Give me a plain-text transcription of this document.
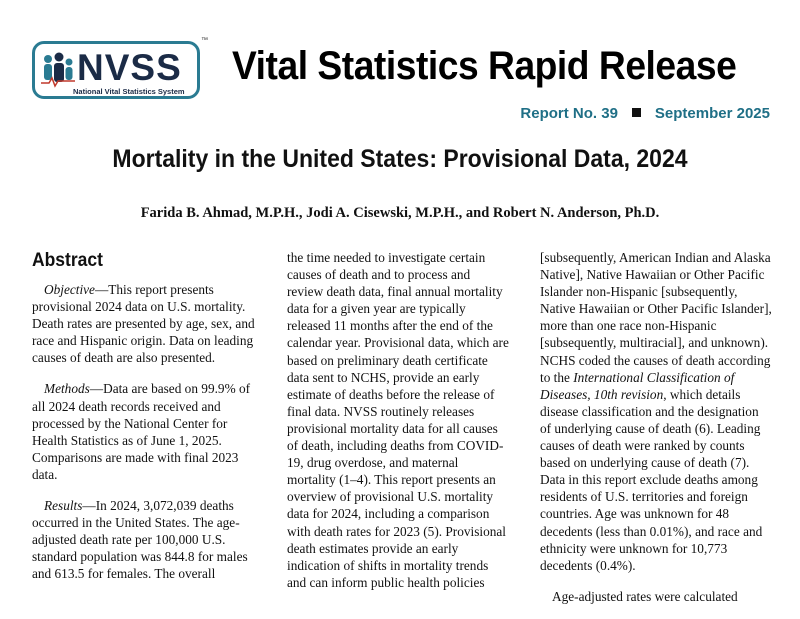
NVSS
National Vital Statistics System
™
Vital Statistics Rapid Release
Report No. 39 September 2025
Mortality in the United States: Provisional Data, 2024
Farida B. Ahmad, M.P.H., Jodi A. Cisewski, M.P.H., and Robert N. Anderson, Ph.D.
Abstract

Objective—This report presents provisional 2024 data on U.S. mortality. Death rates are presented by age, sex, and race and Hispanic origin. Data on leading causes of death are also presented.

Methods—Data are based on 99.9% of all 2024 death records received and processed by the National Center for Health Statistics as of June 1, 2025. Comparisons are made with final 2023 data.

Results—In 2024, 3,072,039 deaths occurred in the United States. The age-adjusted death rate per 100,000 U.S. standard population was 844.8 for males and 613.5 for females. The overall

the time needed to investigate certain causes of death and to process and review death data, final annual mortality data for a given year are typically released 11 months after the end of the calendar year. Provisional data, which are based on preliminary death certificate data sent to NCHS, provide an early estimate of deaths before the release of final data. NVSS routinely releases provisional mortality data for all causes of death, including deaths from COVID-19, drug overdose, and maternal mortality (1–4). This report presents an overview of provisional U.S. mortality data for 2024, including a comparison with death rates for 2023 (5). Provisional death estimates provide an early indication of shifts in mortality trends and can inform public health policies

[subsequently, American Indian and Alaska Native], Native Hawaiian or Other Pacific Islander non-Hispanic [subsequently, Native Hawaiian or Other Pacific Islander], more than one race non-Hispanic [subsequently, multiracial], and unknown). NCHS coded the causes of death according to the International Classification of Diseases, 10th revision, which details disease classification and the designation of underlying cause of death (6). Leading causes of death were ranked by counts based on underlying cause of death (7). Data in this report exclude deaths among residents of U.S. territories and foreign countries. Age was unknown for 48 decedents (less than 0.01%), and race and ethnicity were unknown for 10,773 decedents (0.4%).

Age-adjusted rates were calculated
